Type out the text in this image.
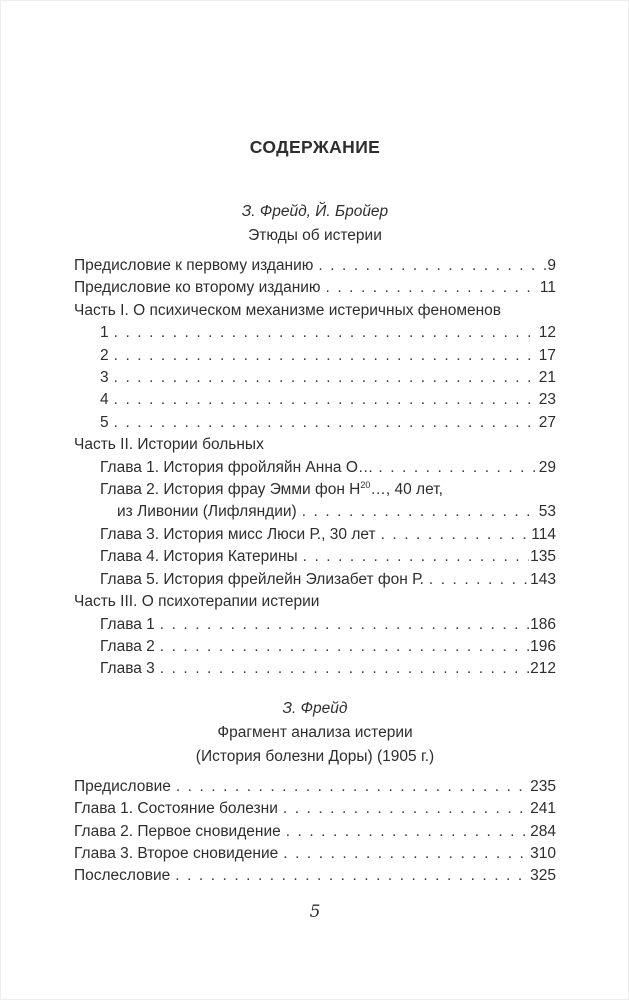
СОДЕРЖАНИЕ
З. Фрейд, Й. Бройер
Этюды об истерии
Предисловие к первому изданию . . .	9
Предисловие ко второму изданию . . .	11
Часть I. О психическом механизме истеричных феноменов
1 . . .	12
2 . . .	17
3 . . .	21
4 . . .	23
5 . . .	27
Часть II. Истории больных
Глава 1. История фройляйн Анна О… . . .	29
Глава 2. История фрау Эмми фон $Н^{20}\dots$, 40 лет,
из Ливонии (Лифляндии) . . .	53
Глава 3. История мисс Люси Р., 30 лет . . .	114
Глава 4. История Катерины . . .	135
Глава 5. История фрейлейн Элизабет фон Р. . . .	143
Часть III. О психотерапии истерии
Глава 1 . . .	186
Глава 2 . . .	196
Глава 3 . . .	212
З. Фрейд
Фрагмент анализа истерии
(История болезни Доры) (1905 г.)
Предисловие . . .	235
Глава 1. Состояние болезни . . .	241
Глава 2. Первое сновидение . . .	284
Глава 3. Второе сновидение . . .	310
Послесловие . . .	325
5
